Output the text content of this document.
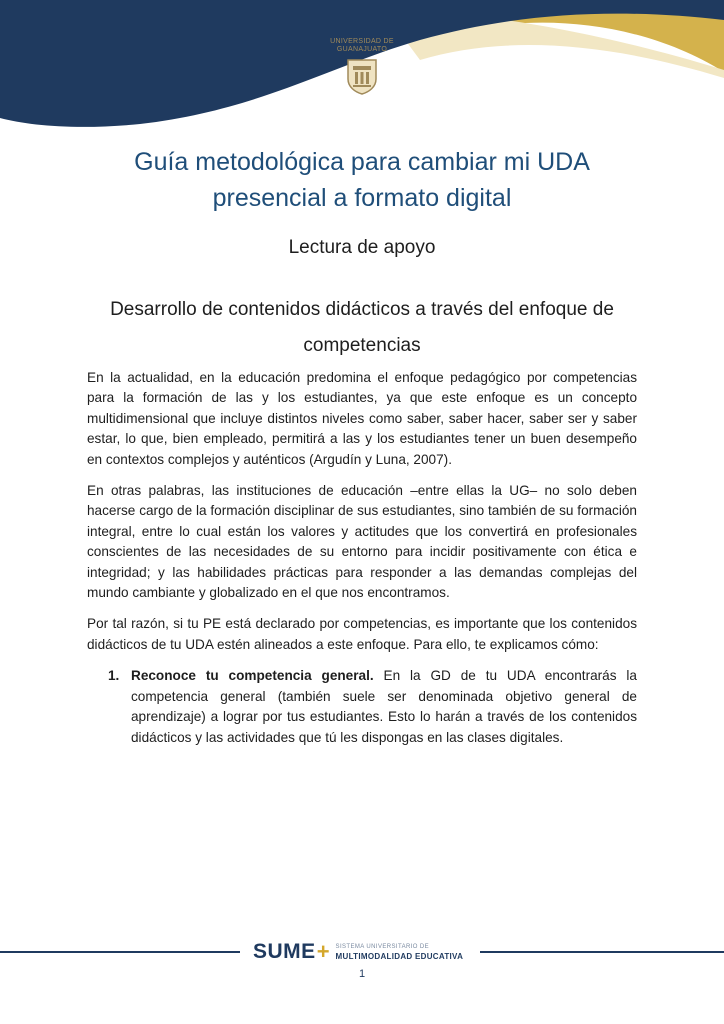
UNIVERSIDAD DE
GUANAJUATO
Guía metodológica para cambiar mi UDA
presencial a formato digital
Lectura de apoyo
Desarrollo de contenidos didácticos a través del enfoque de
competencias

En la actualidad, en la educación predomina el enfoque pedagógico por competencias para la formación de las y los estudiantes, ya que este enfoque es un concepto multidimensional que incluye distintos niveles como saber, saber hacer, saber ser y saber estar, lo que, bien empleado, permitirá a las y los estudiantes tener un buen desempeño en contextos complejos y auténticos (Argudín y Luna, 2007).

En otras palabras, las instituciones de educación –entre ellas la UG– no solo deben hacerse cargo de la formación disciplinar de sus estudiantes, sino también de su formación integral, entre lo cual están los valores y actitudes que los convertirá en profesionales conscientes de las necesidades de su entorno para incidir positivamente con ética e integridad; y las habilidades prácticas para responder a las demandas complejas del mundo cambiante y globalizado en el que nos encontramos.

Por tal razón, si tu PE está declarado por competencias, es importante que los contenidos didácticos de tu UDA estén alineados a este enfoque. Para ello, te explicamos cómo:

1. Reconoce tu competencia general. En la GD de tu UDA encontrarás la competencia general (también suele ser denominada objetivo general de aprendizaje) a lograr por tus estudiantes. Esto lo harán a través de los contenidos didácticos y las actividades que tú les dispongas en las clases digitales.
SUME + SISTEMA UNIVERSITARIO DE
MULTIMODALIDAD EDUCATIVA
1
